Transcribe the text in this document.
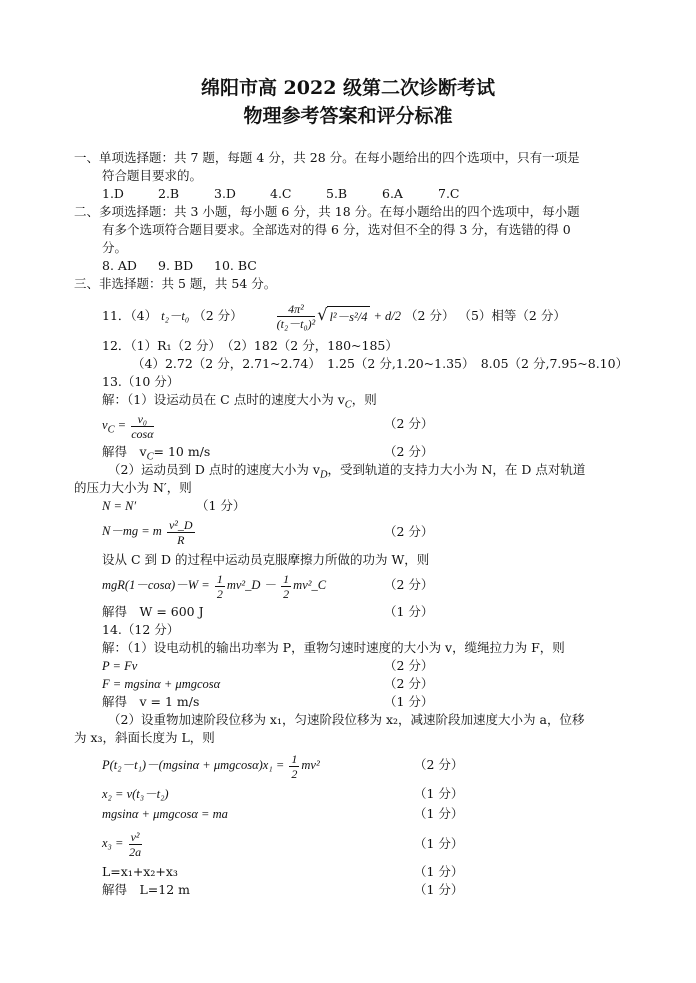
绵阳市高 2022 级第二次诊断考试
物理参考答案和评分标准
一、单项选择题：共 7 题，每题 4 分，共 28 分。在每小题给出的四个选项中，只有一项是
符合题目要求的。
1.D	2.B	3.D	4.C	5.B	6.A	7.C
二、多项选择题：共 3 小题，每小题 6 分，共 18 分。在每小题给出的四个选项中，每小题
有多个选项符合题目要求。全部选对的得 6 分，选对但不全的得 3 分，有选错的得 0
分。
8. AD 9. BD 10. BC
三、非选择题：共 5 题，共 54 分。
11．（4） t₂－t₀ （2 分）	$\frac{\text{4π²}}{\text{(t₂－t₀)²}}$ √ l²－s²/4 + d/2 （2 分） （5）相等（2 分）
12．（1）R₁（2 分）　（2）182（2 分，180~185）
（4）2.72（2 分，2.71~2.74）　1.25（2 分,1.20~1.35）　8.05（2 分,7.95~8.10）
13.（10 分）
解：（1）设运动员在 C 点时的速度大小为 $v_C$，则
$v_C = \frac{\text{v₀}}{\cos\alpha}$	（2 分）
解得　$v_C= 10$ m/s	（2 分）
（2）运动员到 D 点时的速度大小为 $v_D$，受到轨道的支持力大小为 N，在 D 点对轨道
的压力大小为 N′，则
N = N′	（1 分）
N－mg = m $\frac{\text{v²\_D}}{R}$	（2 分）
设从 C 到 D 的过程中运动员克服摩擦力所做的功为 W，则
$mgR(1-\cos\alpha)-W = \frac{1}{2}$ mv²_D － $\frac{1}{2}$ mv²_C	（2 分）
解得　W = 600 J	（1 分）
14.（12 分）
解：（1）设电动机的输出功率为 P，重物匀速时速度的大小为 v，缆绳拉力为 F，则
P = Fv	（2 分）
F = mgsinα + μmgcosα	（2 分）
解得　v = 1 m/s	（1 分）
（2）设重物加速阶段位移为 x₁，匀速阶段位移为 x₂，减速阶段加速度大小为 a，位移
为 x₃，斜面长度为 L，则
$P(t_2-t_1)-(mgsin\alpha + \mu mgcos\alpha)x_1 = \frac{1}{2} mv^2$	（2 分）
x₂ = v(t₃－t₂)	（1 分）
mgsinα + μmgcosα = ma	（1 分）
$x_3 = \frac{\text{v²}}{2a}$	（1 分）
L=x₁+x₂+x₃	（1 分）
解得　L=12 m	（1 分）
